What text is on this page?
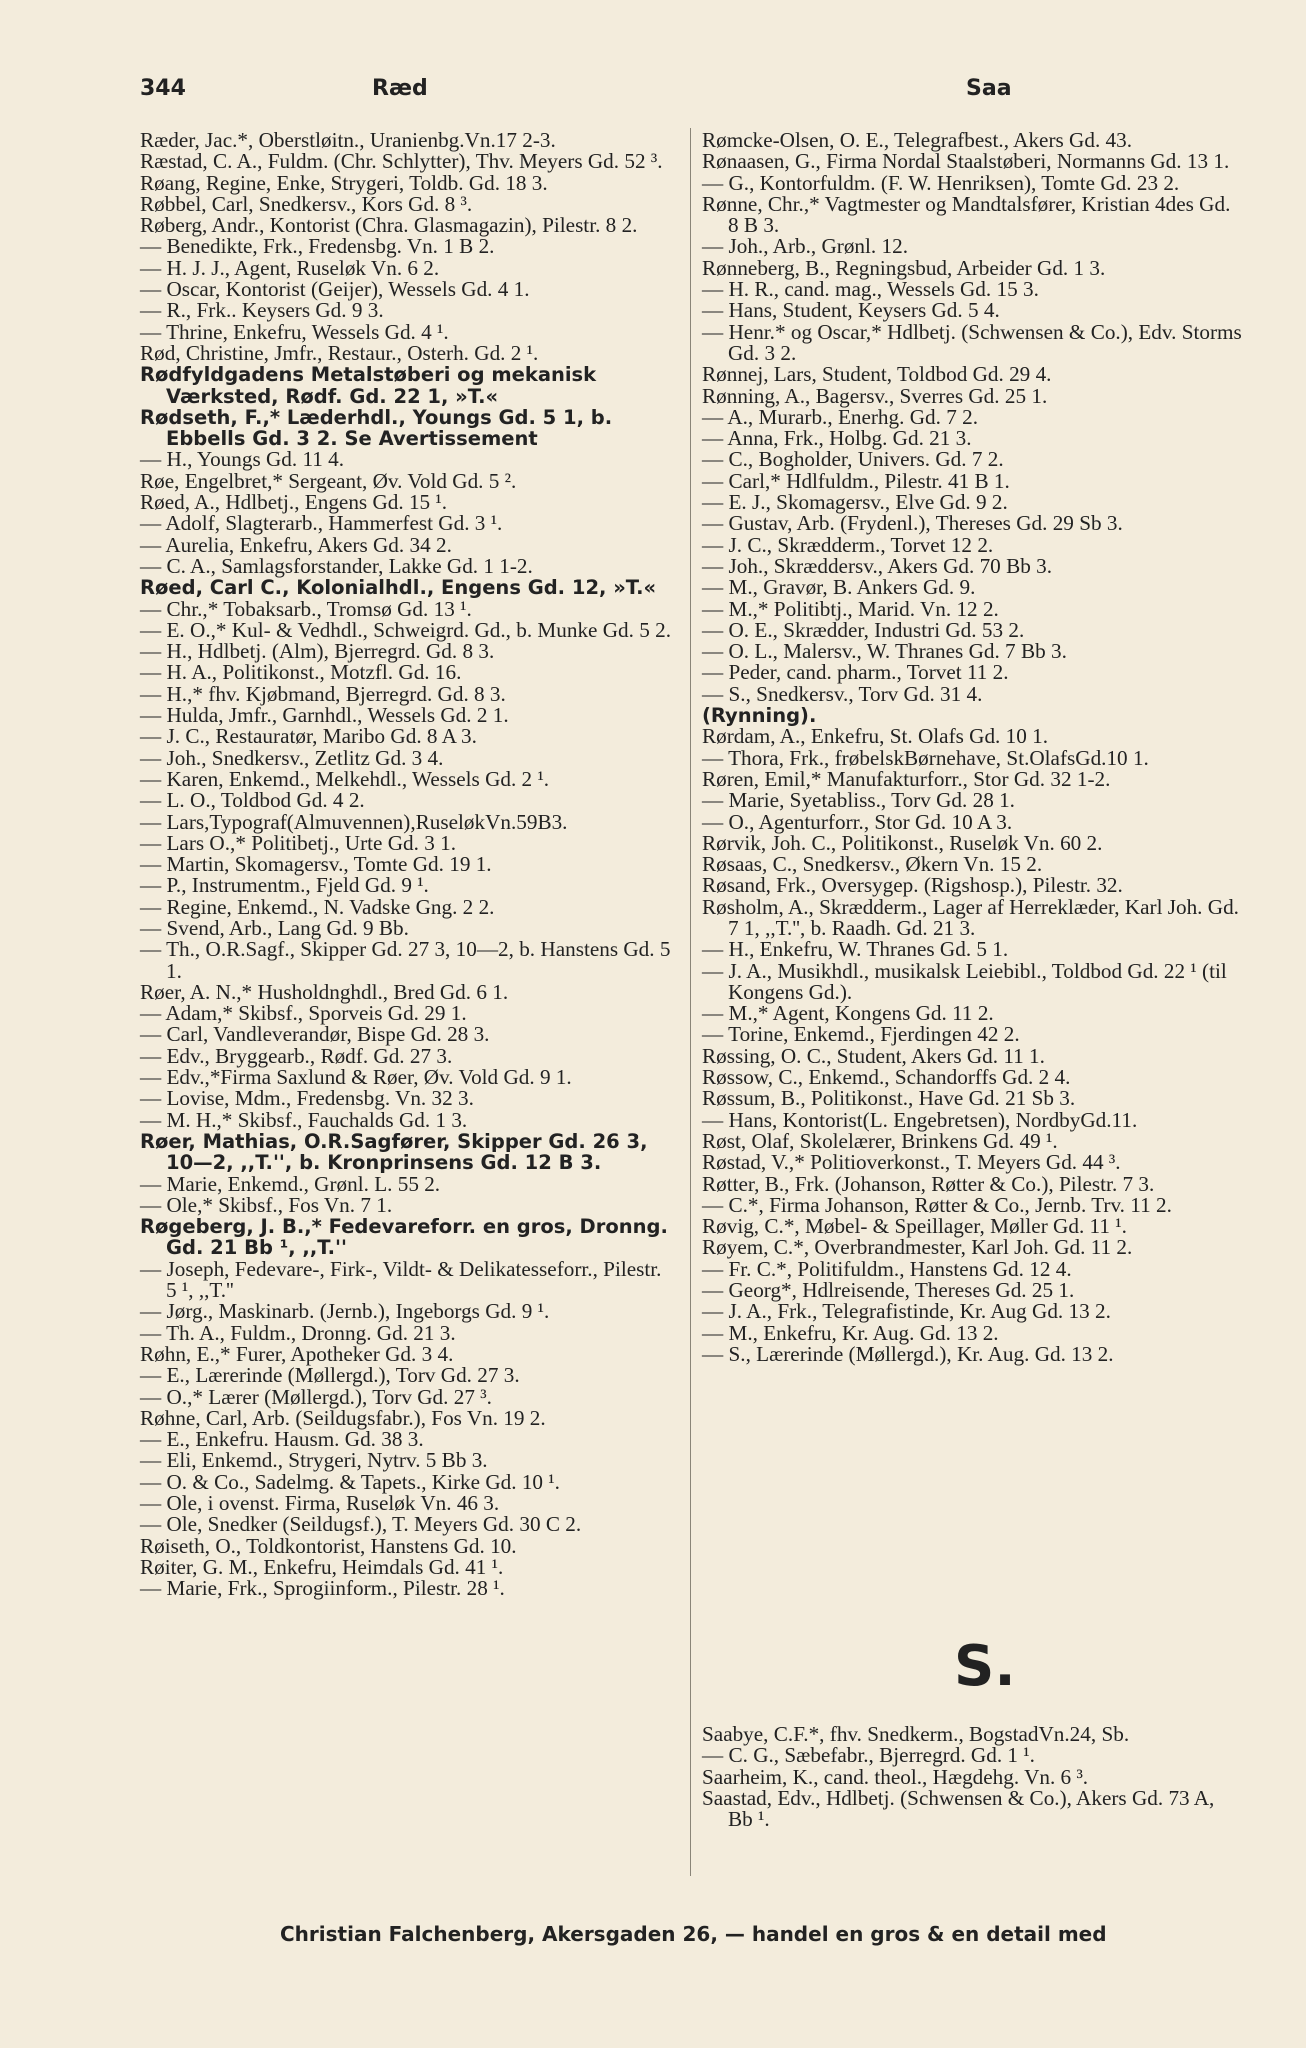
344	Ræd	Saa
Ræder, Jac.*, Oberstløitn., Uranienbg.Vn.17 2-3.
Ræstad, C. A., Fuldm. (Chr. Schlytter), Thv. Meyers Gd. 52 ³.
Røang, Regine, Enke, Strygeri, Toldb. Gd. 18 3.
Røbbel, Carl, Snedkersv., Kors Gd. 8 ³.
Røberg, Andr., Kontorist (Chra. Glasmagazin), Pilestr. 8 2.
— Benedikte, Frk., Fredensbg. Vn. 1 B 2.
— H. J. J., Agent, Ruseløk Vn. 6 2.
— Oscar, Kontorist (Geijer), Wessels Gd. 4 1.
— R., Frk.. Keysers Gd. 9 3.
— Thrine, Enkefru, Wessels Gd. 4 ¹.
Rød, Christine, Jmfr., Restaur., Osterh. Gd. 2 ¹.
Rødfyldgadens Metalstøberi og mekanisk Værksted, Rødf. Gd. 22 1, »T.«
Rødseth, F.,* Læderhdl., Youngs Gd. 5 1, b. Ebbells Gd. 3 2. Se Avertissement
— H., Youngs Gd. 11 4.
Røe, Engelbret,* Sergeant, Øv. Vold Gd. 5 ².
Røed, A., Hdlbetj., Engens Gd. 15 ¹.
— Adolf, Slagterarb., Hammerfest Gd. 3 ¹.
— Aurelia, Enkefru, Akers Gd. 34 2.
— C. A., Samlagsforstander, Lakke Gd. 1 1-2.
Røed, Carl C., Kolonialhdl., Engens Gd. 12, »T.«
— Chr.,* Tobaksarb., Tromsø Gd. 13 ¹.
— E. O.,* Kul- & Vedhdl., Schweigrd. Gd., b. Munke Gd. 5 2.
— H., Hdlbetj. (Alm), Bjerregrd. Gd. 8 3.
— H. A., Politikonst., Motzfl. Gd. 16.
— H.,* fhv. Kjøbmand, Bjerregrd. Gd. 8 3.
— Hulda, Jmfr., Garnhdl., Wessels Gd. 2 1.
— J. C., Restauratør, Maribo Gd. 8 A 3.
— Joh., Snedkersv., Zetlitz Gd. 3 4.
— Karen, Enkemd., Melkehdl., Wessels Gd. 2 ¹.
— L. O., Toldbod Gd. 4 2.
— Lars,Typograf(Almuvennen),RuseløkVn.59B3.
— Lars O.,* Politibetj., Urte Gd. 3 1.
— Martin, Skomagersv., Tomte Gd. 19 1.
— P., Instrumentm., Fjeld Gd. 9 ¹.
— Regine, Enkemd., N. Vadske Gng. 2 2.
— Svend, Arb., Lang Gd. 9 Bb.
— Th., O.R.Sagf., Skipper Gd. 27 3, 10—2, b. Hanstens Gd. 5 1.
Røer, A. N.,* Husholdnghdl., Bred Gd. 6 1.
— Adam,* Skibsf., Sporveis Gd. 29 1.
— Carl, Vandleverandør, Bispe Gd. 28 3.
— Edv., Bryggearb., Rødf. Gd. 27 3.
— Edv.,*Firma Saxlund & Røer, Øv. Vold Gd. 9 1.
— Lovise, Mdm., Fredensbg. Vn. 32 3.
— M. H.,* Skibsf., Fauchalds Gd. 1 3.
Røer, Mathias, O.R.Sagfører, Skipper Gd. 26 3, 10—2, ,,T.'', b. Kronprinsens Gd. 12 B 3.
— Marie, Enkemd., Grønl. L. 55 2.
— Ole,* Skibsf., Fos Vn. 7 1.
Røgeberg, J. B.,* Fedevareforr. en gros, Dronng. Gd. 21 Bb ¹, ,,T.''
— Joseph, Fedevare-, Firk-, Vildt- & Delikatesseforr., Pilestr. 5 ¹, ,,T.''
— Jørg., Maskinarb. (Jernb.), Ingeborgs Gd. 9 ¹.
— Th. A., Fuldm., Dronng. Gd. 21 3.
Røhn, E.,* Furer, Apotheker Gd. 3 4.
— E., Lærerinde (Møllergd.), Torv Gd. 27 3.
— O.,* Lærer (Møllergd.), Torv Gd. 27 ³.
Røhne, Carl, Arb. (Seildugsfabr.), Fos Vn. 19 2.
— E., Enkefru. Hausm. Gd. 38 3.
— Eli, Enkemd., Strygeri, Nytrv. 5 Bb 3.
— O. & Co., Sadelmg. & Tapets., Kirke Gd. 10 ¹.
— Ole, i ovenst. Firma, Ruseløk Vn. 46 3.
— Ole, Snedker (Seildugsf.), T. Meyers Gd. 30 C 2.
Røiseth, O., Toldkontorist, Hanstens Gd. 10.
Røiter, G. M., Enkefru, Heimdals Gd. 41 ¹.
— Marie, Frk., Sprogiinform., Pilestr. 28 ¹.
Rømcke-Olsen, O. E., Telegrafbest., Akers Gd. 43.
Rønaasen, G., Firma Nordal Staalstøberi, Normanns Gd. 13 1.
— G., Kontorfuldm. (F. W. Henriksen), Tomte Gd. 23 2.
Rønne, Chr.,* Vagtmester og Mandtalsfører, Kristian 4des Gd. 8 B 3.
— Joh., Arb., Grønl. 12.
Rønneberg, B., Regningsbud, Arbeider Gd. 1 3.
— H. R., cand. mag., Wessels Gd. 15 3.
— Hans, Student, Keysers Gd. 5 4.
— Henr.* og Oscar,* Hdlbetj. (Schwensen & Co.), Edv. Storms Gd. 3 2.
Rønnej, Lars, Student, Toldbod Gd. 29 4.
Rønning, A., Bagersv., Sverres Gd. 25 1.
— A., Murarb., Enerhg. Gd. 7 2.
— Anna, Frk., Holbg. Gd. 21 3.
— C., Bogholder, Univers. Gd. 7 2.
— Carl,* Hdlfuldm., Pilestr. 41 B 1.
— E. J., Skomagersv., Elve Gd. 9 2.
— Gustav, Arb. (Frydenl.), Thereses Gd. 29 Sb 3.
— J. C., Skrædderm., Torvet 12 2.
— Joh., Skræddersv., Akers Gd. 70 Bb 3.
— M., Gravør, B. Ankers Gd. 9.
— M.,* Politibtj., Marid. Vn. 12 2.
— O. E., Skrædder, Industri Gd. 53 2.
— O. L., Malersv., W. Thranes Gd. 7 Bb 3.
— Peder, cand. pharm., Torvet 11 2.
— S., Snedkersv., Torv Gd. 31 4.
(Rynning).
Rørdam, A., Enkefru, St. Olafs Gd. 10 1.
— Thora, Frk., frøbelskBørnehave, St.OlafsGd.10 1.
Røren, Emil,* Manufakturforr., Stor Gd. 32 1-2.
— Marie, Syetabliss., Torv Gd. 28 1.
— O., Agenturforr., Stor Gd. 10 A 3.
Rørvik, Joh. C., Politikonst., Ruseløk Vn. 60 2.
Røsaas, C., Snedkersv., Økern Vn. 15 2.
Røsand, Frk., Oversygep. (Rigshosp.), Pilestr. 32.
Røsholm, A., Skrædderm., Lager af Herreklæder, Karl Joh. Gd. 7 1, ,,T.'', b. Raadh. Gd. 21 3.
— H., Enkefru, W. Thranes Gd. 5 1.
— J. A., Musikhdl., musikalsk Leiebibl., Toldbod Gd. 22 ¹ (til Kongens Gd.).
— M.,* Agent, Kongens Gd. 11 2.
— Torine, Enkemd., Fjerdingen 42 2.
Røssing, O. C., Student, Akers Gd. 11 1.
Røssow, C., Enkemd., Schandorffs Gd. 2 4.
Røssum, B., Politikonst., Have Gd. 21 Sb 3.
— Hans, Kontorist(L. Engebretsen), NordbyGd.11.
Røst, Olaf, Skolelærer, Brinkens Gd. 49 ¹.
Røstad, V.,* Politioverkonst., T. Meyers Gd. 44 ³.
Røtter, B., Frk. (Johanson, Røtter & Co.), Pilestr. 7 3.
— C.*, Firma Johanson, Røtter & Co., Jernb. Trv. 11 2.
Røvig, C.*, Møbel- & Speillager, Møller Gd. 11 ¹.
Røyem, C.*, Overbrandmester, Karl Joh. Gd. 11 2.
— Fr. C.*, Politifuldm., Hanstens Gd. 12 4.
— Georg*, Hdlreisende, Thereses Gd. 25 1.
— J. A., Frk., Telegrafistinde, Kr. Aug Gd. 13 2.
— M., Enkefru, Kr. Aug. Gd. 13 2.
— S., Lærerinde (Møllergd.), Kr. Aug. Gd. 13 2.
S.
Saabye, C.F.*, fhv. Snedkerm., BogstadVn.24, Sb.
— C. G., Sæbefabr., Bjerregrd. Gd. 1 ¹.
Saarheim, K., cand. theol., Hægdehg. Vn. 6 ³.
Saastad, Edv., Hdlbetj. (Schwensen & Co.), Akers Gd. 73 A, Bb ¹.
Christian Falchenberg, Akersgaden 26, — handel en gros & en detail med
